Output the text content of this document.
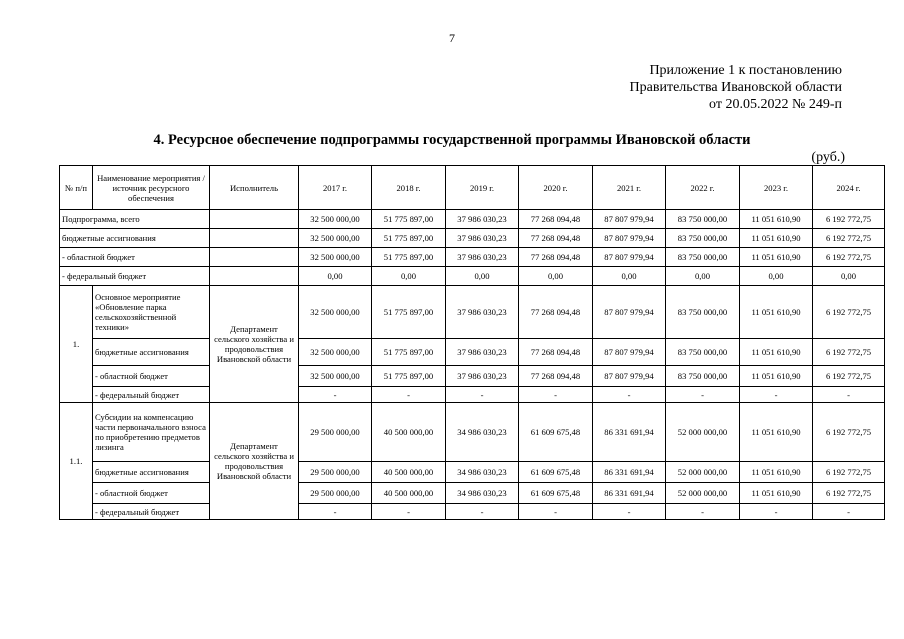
7
Приложение 1 к постановлению
Правительства Ивановской области
от 20.05.2022 № 249-п
4. Ресурсное обеспечение подпрограммы государственной программы Ивановской области
(руб.)
№ п/п	Наименование мероприятия / источник ресурсного обеспечения	Исполнитель	2017 г.	2018 г.	2019 г.	2020 г.	2021 г.	2022 г.	2023 г.	2024 г.
Подпрограмма, всего			32 500 000,00	51 775 897,00	37 986 030,23	77 268 094,48	87 807 979,94	83 750 000,00	11 051 610,90	6 192 772,75
бюджетные ассигнования			32 500 000,00	51 775 897,00	37 986 030,23	77 268 094,48	87 807 979,94	83 750 000,00	11 051 610,90	6 192 772,75
- областной бюджет			32 500 000,00	51 775 897,00	37 986 030,23	77 268 094,48	87 807 979,94	83 750 000,00	11 051 610,90	6 192 772,75
- федеральный бюджет			0,00	0,00	0,00	0,00	0,00	0,00	0,00	0,00
1.	Основное мероприятие «Обновление парка сельскохозяйственной техники»	Департамент сельского хозяйства и продовольствия Ивановской области	32 500 000,00	51 775 897,00	37 986 030,23	77 268 094,48	87 807 979,94	83 750 000,00	11 051 610,90	6 192 772,75
	бюджетные ассигнования		32 500 000,00	51 775 897,00	37 986 030,23	77 268 094,48	87 807 979,94	83 750 000,00	11 051 610,90	6 192 772,75
	- областной бюджет		32 500 000,00	51 775 897,00	37 986 030,23	77 268 094,48	87 807 979,94	83 750 000,00	11 051 610,90	6 192 772,75
	- федеральный бюджет		-	-	-	-	-	-	-	-
1.1.	Субсидии на компенсацию части первоначального взноса по приобретению предметов лизинга	Департамент сельского хозяйства и продовольствия Ивановской области	29 500 000,00	40 500 000,00	34 986 030,23	61 609 675,48	86 331 691,94	52 000 000,00	11 051 610,90	6 192 772,75
	бюджетные ассигнования		29 500 000,00	40 500 000,00	34 986 030,23	61 609 675,48	86 331 691,94	52 000 000,00	11 051 610,90	6 192 772,75
	- областной бюджет		29 500 000,00	40 500 000,00	34 986 030,23	61 609 675,48	86 331 691,94	52 000 000,00	11 051 610,90	6 192 772,75
	- федеральный бюджет		-	-	-	-	-	-	-	-
